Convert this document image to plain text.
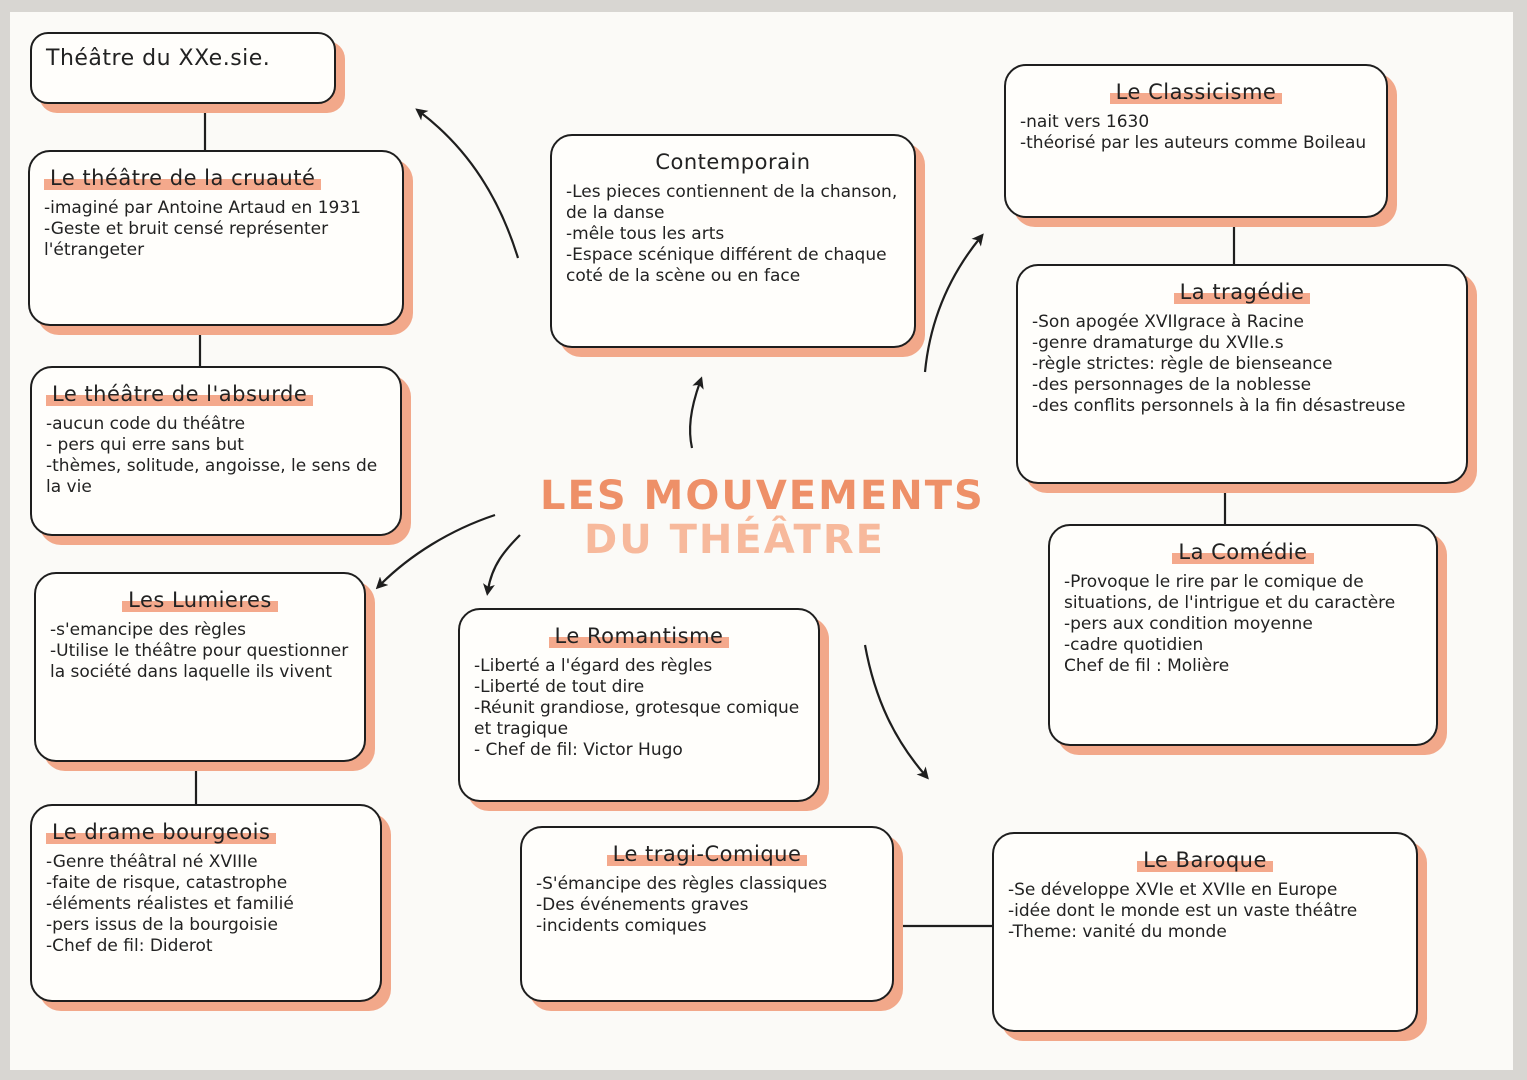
Théâtre du XXe.sie.
Le théâtre de la cruauté
-imaginé par Antoine Artaud en 1931
-Geste et bruit censé représenter l'étrangeter
Le théâtre de l'absurde
-aucun code du théâtre
- pers qui erre sans but
-thèmes, solitude, angoisse, le sens de la vie
Les Lumieres
-s'emancipe des règles
-Utilise le théâtre pour questionner la société dans laquelle ils vivent
Le drame bourgeois
-Genre théâtral né XVIIIe
-faite de risque, catastrophe
-éléments réalistes et familié
-pers issus de la bourgoisie
-Chef de fil: Diderot
Contemporain
-Les pieces contiennent de la chanson, de la danse
-mêle tous les arts
-Espace scénique différent de chaque coté de la scène ou en face
LES MOUVEMENTS
DU THÉÂTRE
Le Romantisme
-Liberté a l'égard des règles
-Liberté de tout dire
-Réunit grandiose, grotesque comique et tragique
- Chef de fil: Victor Hugo
Le tragi-Comique
-S'émancipe des règles classiques
-Des événements graves
-incidents comiques
Le Classicisme
-nait vers 1630
-théorisé par les auteurs comme Boileau
La tragédie
-Son apogée XVIIgrace à Racine
-genre dramaturge du XVIIe.s
-règle strictes: règle de bienseance
-des personnages de la noblesse
-des conflits personnels à la fin désastreuse
La Comédie
-Provoque le rire par le comique de situations, de l'intrigue et du caractère
-pers aux condition moyenne
-cadre quotidien
Chef de fil : Molière
Le Baroque
-Se développe XVIe et XVIIe en Europe
-idée dont le monde est un vaste théâtre
-Theme: vanité du monde
